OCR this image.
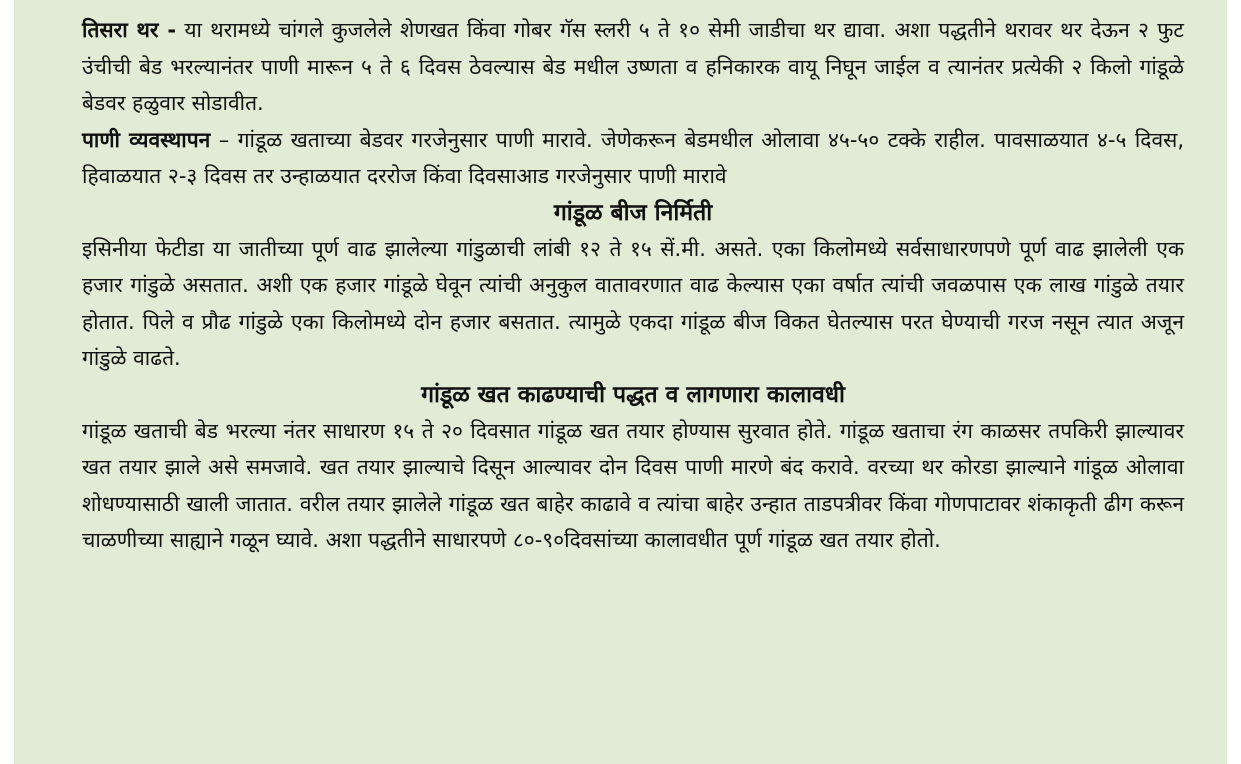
तिसरा थर - या थरामध्ये चांगले कुजलेले शेणखत किंवा गोबर गॅस स्लरी ५ ते १० सेमी जाडीचा थर द्यावा. अशा पद्धतीने थरावर थर देऊन २ फुट उंचीची बेड भरल्यानंतर पाणी मारून ५ ते ६ दिवस ठेवल्यास बेड मधील उष्णता व हनिकारक वायू निघून जाईल व त्यानंतर प्रत्येकी २ किलो गांडूळे बेडवर हळुवार सोडावीत.

पाणी व्यवस्थापन – गांडूळ खताच्या बेडवर गरजेनुसार पाणी मारावे. जेणेकरून बेडमधील ओलावा ४५-५० टक्के राहील. पावसाळयात ४-५ दिवस, हिवाळयात २-३ दिवस तर उन्हाळयात दररोज किंवा दिवसाआड गरजेनुसार पाणी मारावे

गांडूळ बीज निर्मिती

इसिनीया फेटीडा या जातीच्या पूर्ण वाढ झालेल्या गांडुळाची लांबी १२ ते १५ सें.मी. असते. एका किलोमध्ये सर्वसाधारणपणे पूर्ण वाढ झालेली एक हजार गांडुळे असतात. अशी एक हजार गांडूळे घेवून त्यांची अनुकुल वातावरणात वाढ केल्यास एका वर्षात त्यांची जवळपास एक लाख गांडुळे तयार होतात. पिले व प्रौढ गांडुळे एका किलोमध्ये दोन हजार बसतात. त्यामुळे एकदा गांडूळ बीज विकत घेतल्यास परत घेण्याची गरज नसून त्यात अजून गांडुळे वाढते.

गांडूळ खत काढण्याची पद्धत व लागणारा कालावधी

गांडूळ खताची बेड भरल्या नंतर साधारण १५ ते २० दिवसात गांडूळ खत तयार होण्यास सुरवात होते. गांडूळ खताचा रंग काळसर तपकिरी झाल्यावर खत तयार झाले असे समजावे. खत तयार झाल्याचे दिसून आल्यावर दोन दिवस पाणी मारणे बंद करावे. वरच्या थर कोरडा झाल्याने गांडूळ ओलावा शोधण्यासाठी खाली जातात. वरील तयार झालेले गांडूळ खत बाहेर काढावे व त्यांचा बाहेर उन्हात ताडपत्रीवर किंवा गोणपाटावर शंकाकृती ढीग करून चाळणीच्या साह्याने गळून घ्यावे. अशा पद्धतीने साधारपणे ८०-९०दिवसांच्या कालावधीत पूर्ण गांडूळ खत तयार होतो.
